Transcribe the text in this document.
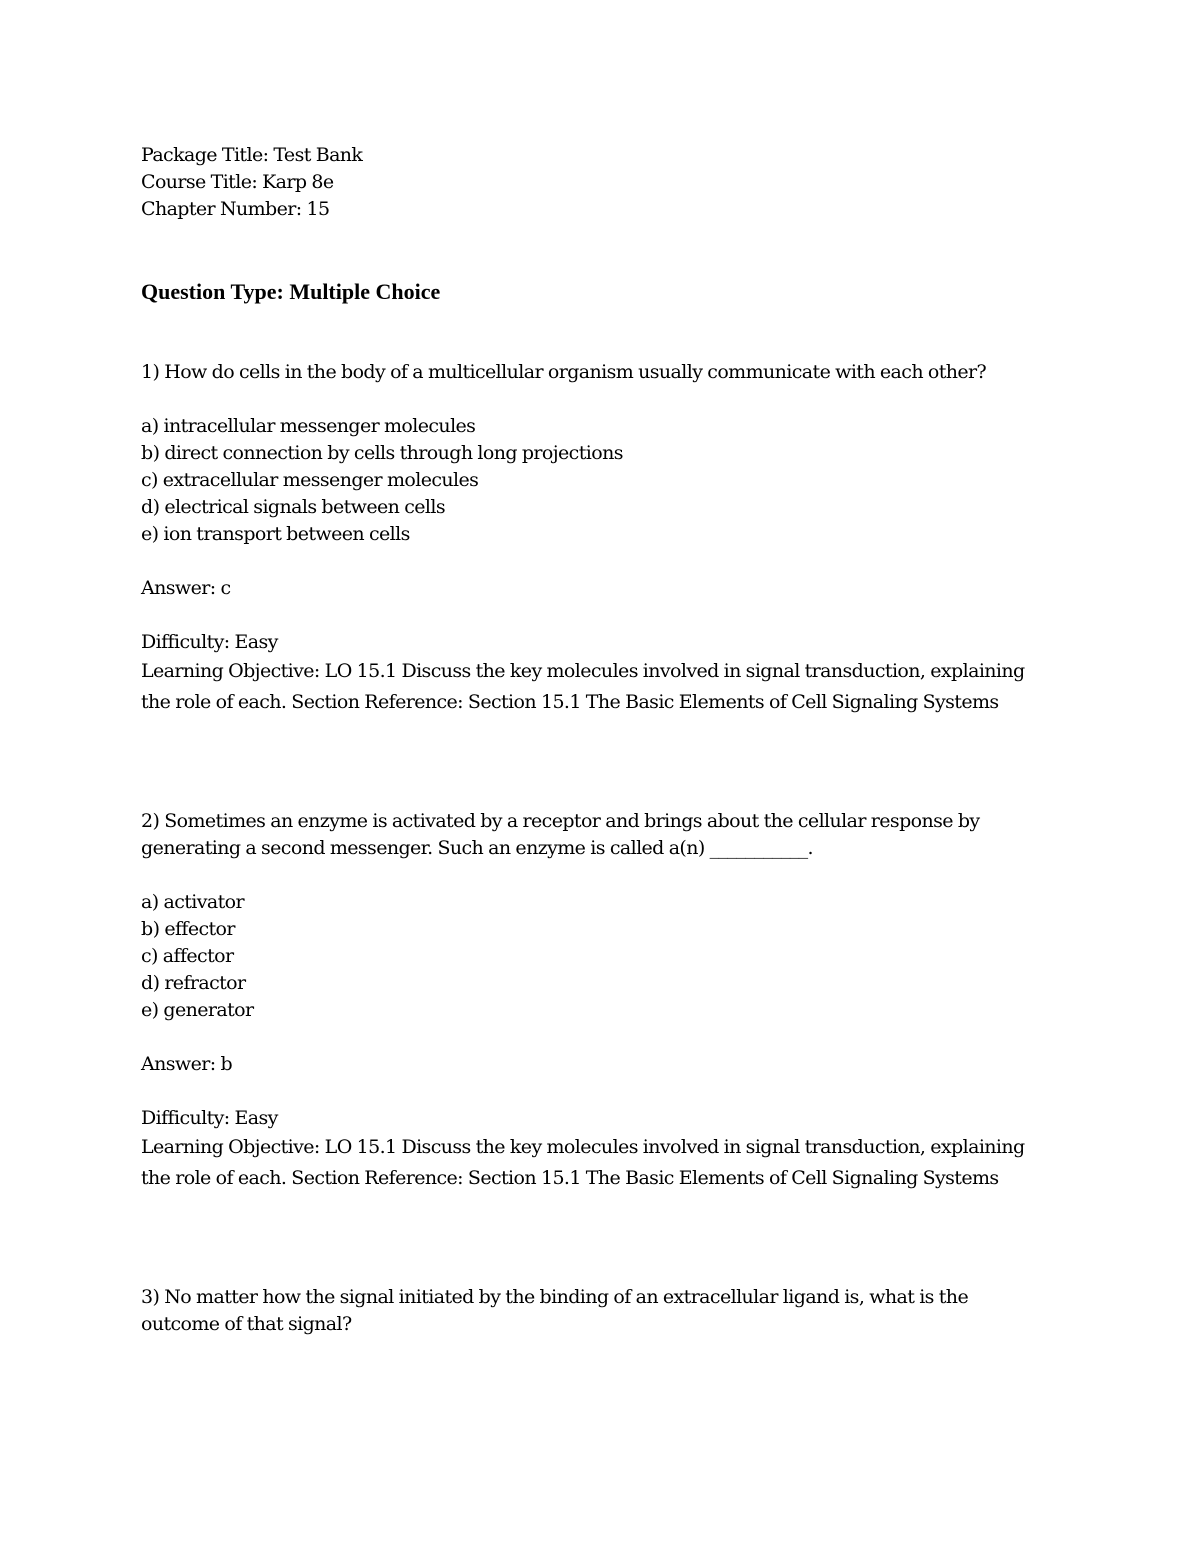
Package Title: Test Bank
Course Title: Karp 8e
Chapter Number: 15
Question Type: Multiple Choice
1) How do cells in the body of a multicellular organism usually communicate with each other?
a) intracellular messenger molecules
b) direct connection by cells through long projections
c) extracellular messenger molecules
d) electrical signals between cells
e) ion transport between cells
Answer: c
Difficulty: Easy
Learning Objective: LO 15.1 Discuss the key molecules involved in signal transduction, explaining the role of each. Section Reference: Section 15.1 The Basic Elements of Cell Signaling Systems
2) Sometimes an enzyme is activated by a receptor and brings about the cellular response by
generating a second messenger. Such an enzyme is called a(n) ___________.
a) activator
b) effector
c) affector
d) refractor
e) generator
Answer: b
Difficulty: Easy
Learning Objective: LO 15.1 Discuss the key molecules involved in signal transduction, explaining the role of each. Section Reference: Section 15.1 The Basic Elements of Cell Signaling Systems
3) No matter how the signal initiated by the binding of an extracellular ligand is, what is the
outcome of that signal?
